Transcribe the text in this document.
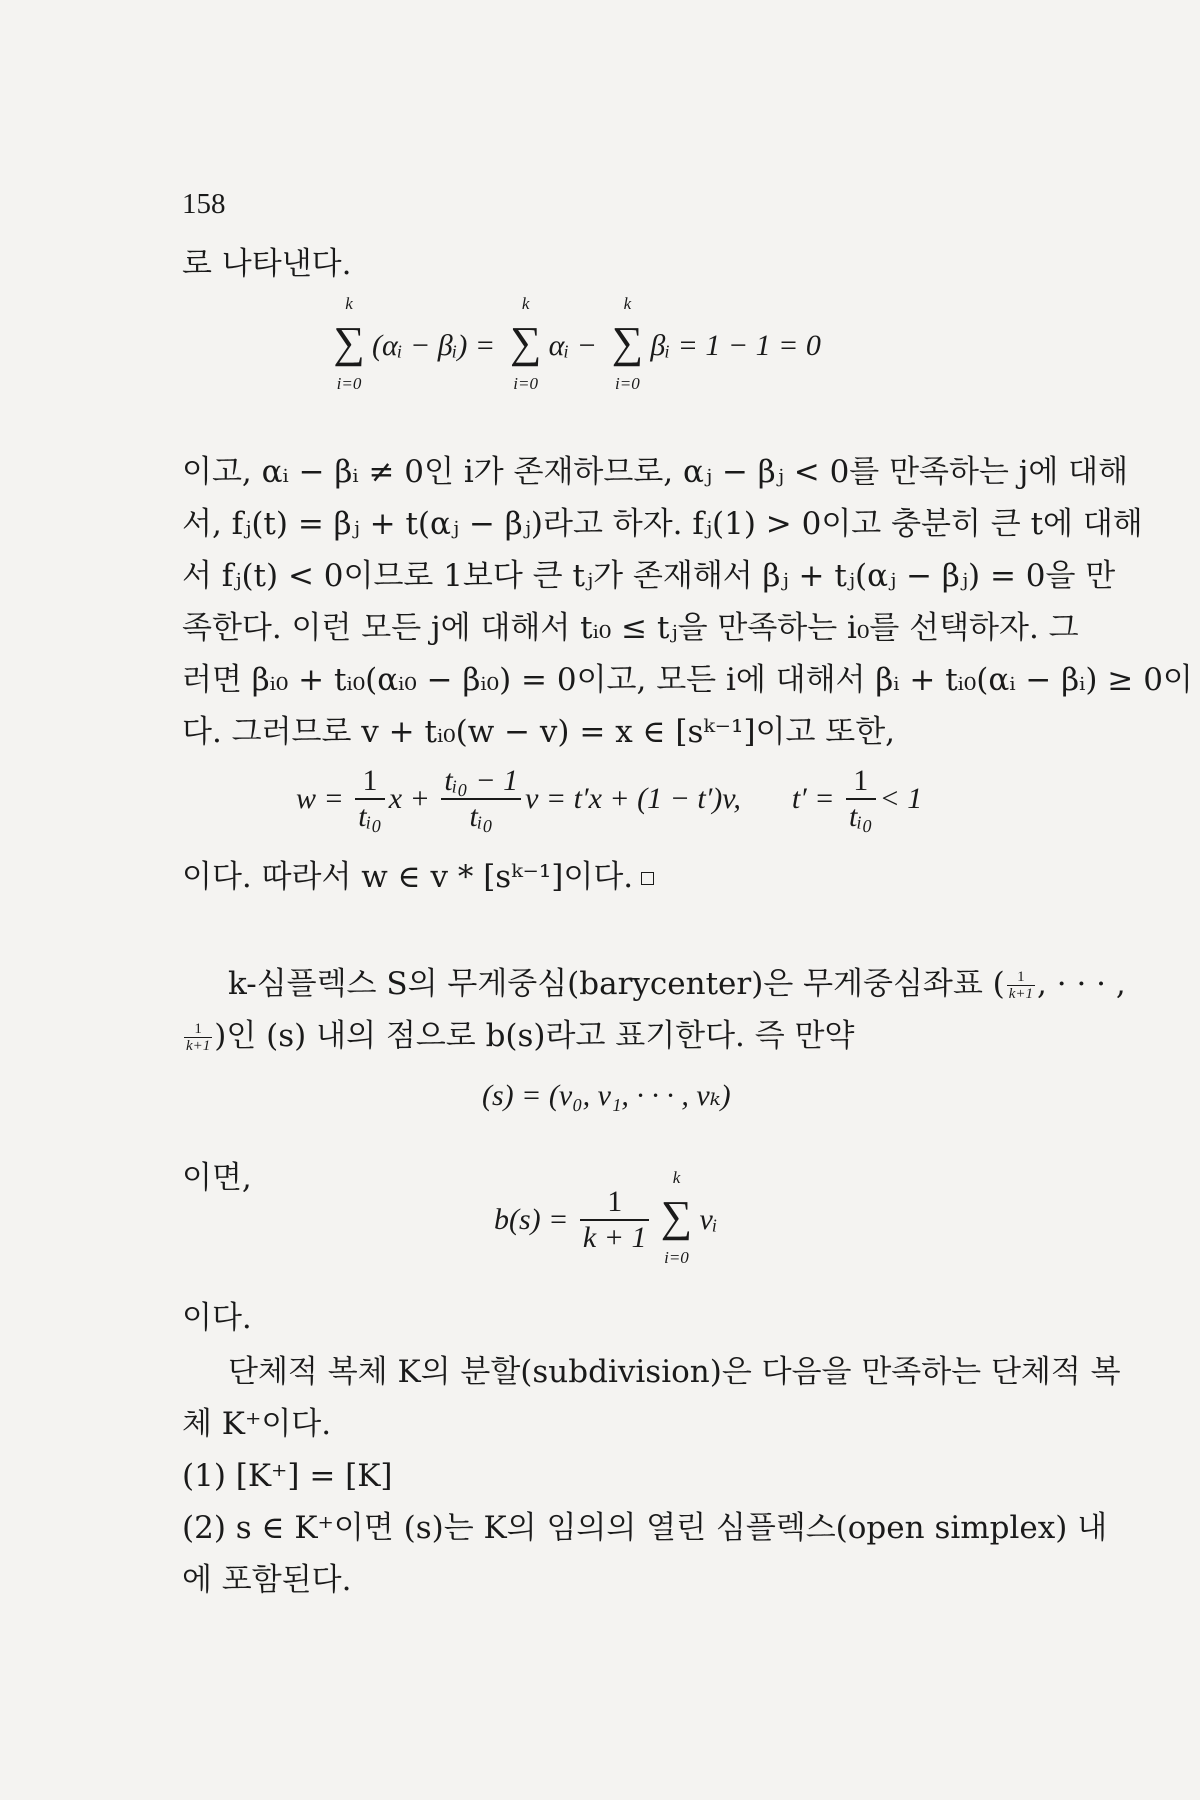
158
로 나타낸다.
k
∑
i=0
(αᵢ − βᵢ) =
k
∑
i=0
αᵢ −
k
∑
i=0
βᵢ = 1 − 1 = 0
이고, αᵢ − βᵢ ≠ 0인 i가 존재하므로, αⱼ − βⱼ < 0를 만족하는 j에 대해
서, fⱼ(t) = βⱼ + t(αⱼ − βⱼ)라고 하자. fⱼ(1) > 0이고 충분히 큰 t에 대해
서 fⱼ(t) < 0이므로 1보다 큰 tⱼ가 존재해서 βⱼ + tⱼ(αⱼ − βⱼ) = 0을 만
족한다. 이런 모든 j에 대해서 tᵢ₀ ≤ tⱼ을 만족하는 i₀를 선택하자. 그
러면 βᵢ₀ + tᵢ₀(αᵢ₀ − βᵢ₀) = 0이고, 모든 i에 대해서 βᵢ + tᵢ₀(αᵢ − βᵢ) ≥ 0이
다. 그러므로 v + tᵢ₀(w − v) = x ∈ [sᵏ⁻¹]이고 또한,
$w = \frac{1}{\text{tᵢ₀}}$ $x + \frac{\text{tᵢ₀ − 1}}{\text{tᵢ₀}}$ v = t′x + (1 − t′)v, $t' = \frac{1}{\text{tᵢ₀}} < 1$
이다. 따라서 w ∈ v * [sᵏ⁻¹]이다.
k-심플렉스 S의 무게중심(barycenter)은 무게중심좌표 ( $\frac{1}{k+1}$ , · · · ,
$\frac{1}{k+1}$ )인 (s) 내의 점으로 b(s)라고 표기한다. 즉 만약
(s) = (v₀, v₁, · · · , vₖ)
이면,
$b(s) = \frac{1}{k + 1}$
k
∑
i=0
vᵢ
이다.
단체적 복체 K의 분할(subdivision)은 다음을 만족하는 단체적 복
체 K⁺이다.
(1) [K⁺] = [K]
(2) s ∈ K⁺이면 (s)는 K의 임의의 열린 심플렉스(open simplex) 내
에 포함된다.
